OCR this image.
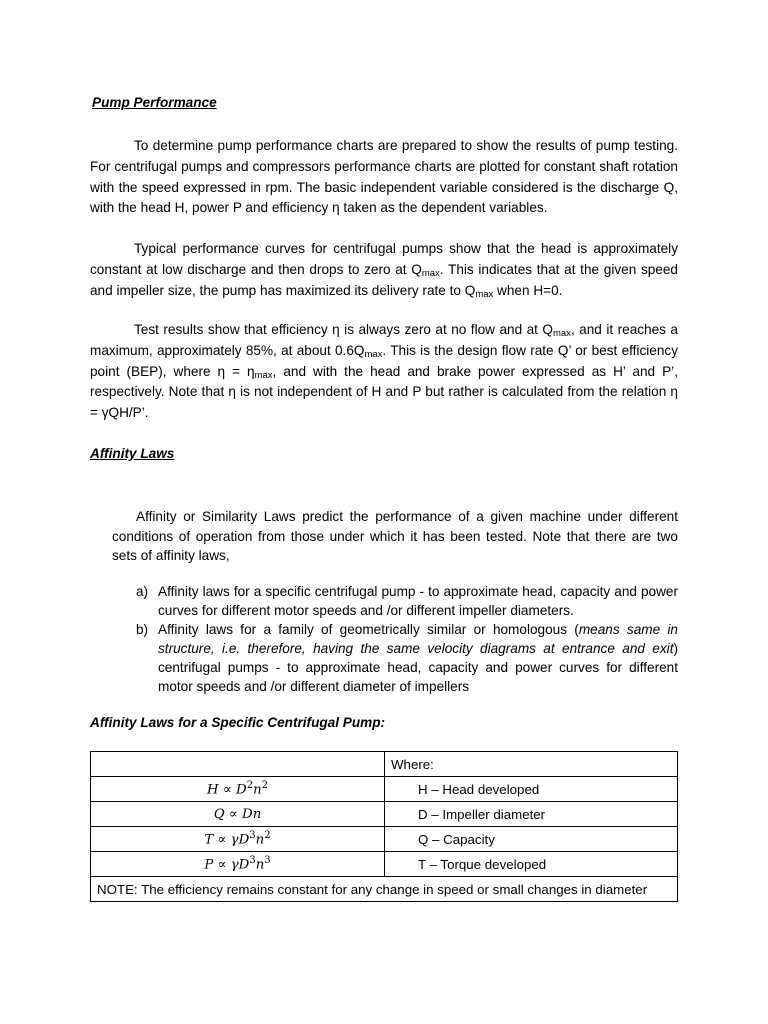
Pump Performance

To determine pump performance charts are prepared to show the results of pump testing. For centrifugal pumps and compressors performance charts are plotted for constant shaft rotation with the speed expressed in rpm. The basic independent variable considered is the discharge Q, with the head H, power P and efficiency η taken as the dependent variables.

Typical performance curves for centrifugal pumps show that the head is approximately constant at low discharge and then drops to zero at $Q_{max}$. This indicates that at the given speed and impeller size, the pump has maximized its delivery rate to $Q_{max}$ when H=0.

Test results show that efficiency η is always zero at no flow and at $Q_{max}$, and it reaches a maximum, approximately 85%, at about $0.6Q_{max}$. This is the design flow rate Q’ or best efficiency point (BEP), where $\eta = \eta_{max}$, and with the head and brake power expressed as H’ and P’, respectively. Note that η is not independent of H and P but rather is calculated from the relation η = γQH/P’.

Affinity Laws

Affinity or Similarity Laws predict the performance of a given machine under different conditions of operation from those under which it has been tested. Note that there are two sets of affinity laws,

a) Affinity laws for a specific centrifugal pump - to approximate head, capacity and power curves for different motor speeds and /or different impeller diameters.
b) Affinity laws for a family of geometrically similar or homologous (means same in structure, i.e. therefore, having the same velocity diagrams at entrance and exit) centrifugal pumps - to approximate head, capacity and power curves for different motor speeds and /or different diameter of impellers
Affinity Laws for a Specific Centrifugal Pump:
	Where:
$H \propto D^2n^2$	H – Head developed
Q ∝ Dn	D – Impeller diameter
$T \propto \gamma D^3n^2$	Q – Capacity
$P \propto \gamma D^3n^3$	T – Torque developed
NOTE: The efficiency remains constant for any change in speed or small changes in diameter	
